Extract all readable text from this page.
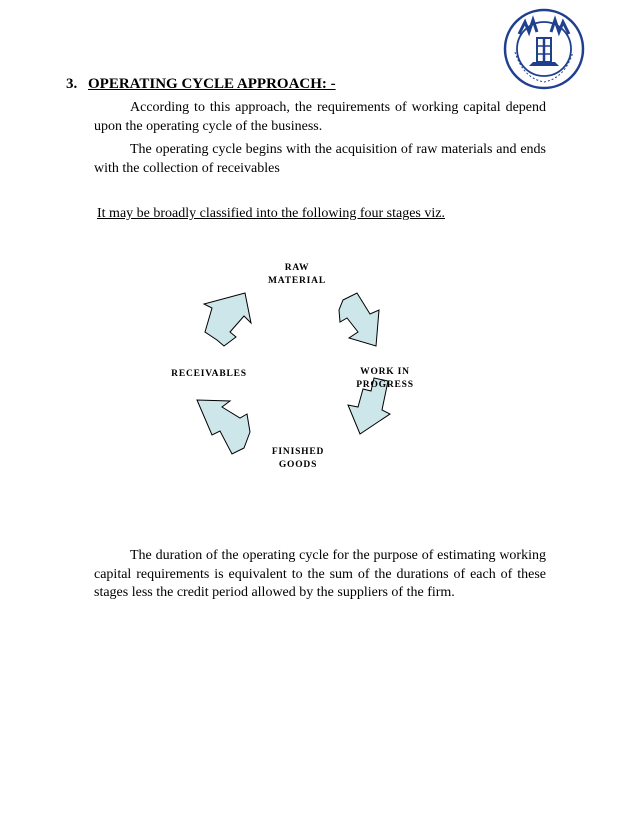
3. OPERATING CYCLE APPROACH: -

According to this approach, the requirements of working capital depend upon the operating cycle of the business.

The operating cycle begins with the acquisition of raw materials and ends with the collection of receivables

It may be broadly classified into the following four stages viz.
RAW
MATERIAL
WORK IN
PROGRESS
FINISHED
GOODS
RECEIVABLES

The duration of the operating cycle for the purpose of estimating working capital requirements is equivalent to the sum of the durations of each of these stages less the credit period allowed by the suppliers of the firm.
